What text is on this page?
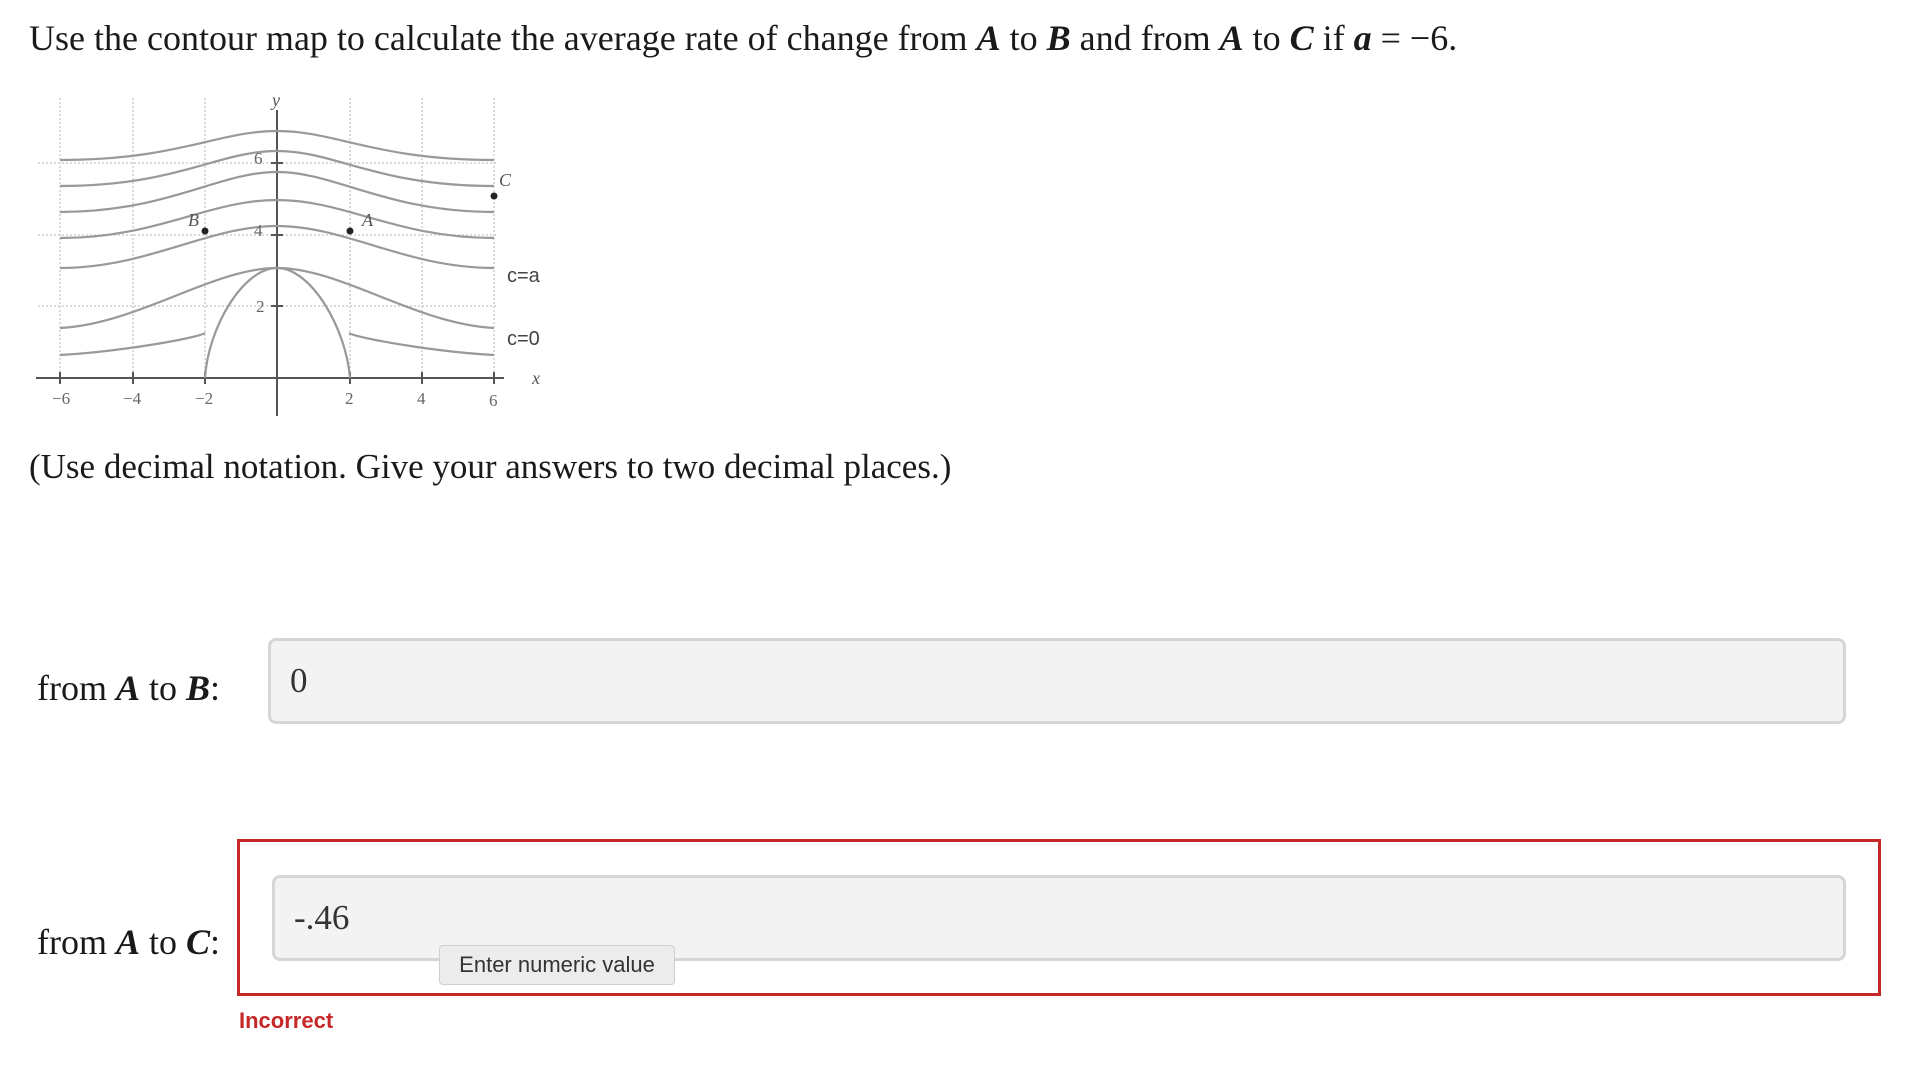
Use the contour map to calculate the average rate of change from A to B and from A to C if a = −6.
−6	−4	−2	2	4	6
2
4
6
y
x
B	A
C
c=a
c=0
(Use decimal notation. Give your answers to two decimal places.)
from A to B: 0
from A to C:
-.46
Enter numeric value
Incorrect
